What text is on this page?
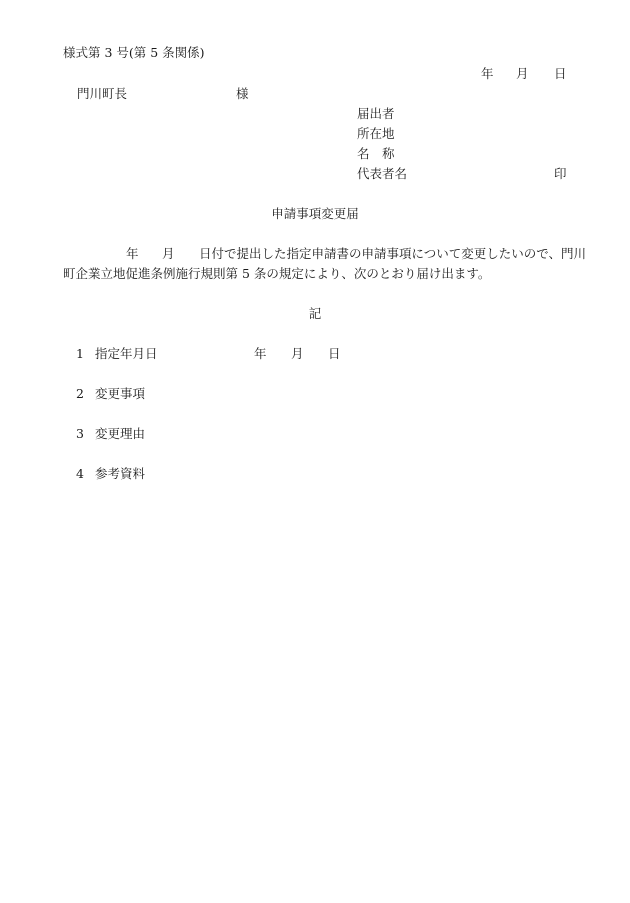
様式第 3 号(第 5 条関係)
年 月 日
門川町長	様
届出者
所在地
名　称
代表者名	印
申請事項変更届
年 月 日付で提出した指定申請書の申請事項について変更したいので、門川
町企業立地促進条例施行規則第 5 条の規定により、次のとおり届け出ます。
記
1 指定年月日	年 月 日
2 変更事項
3 変更理由
4 参考資料
